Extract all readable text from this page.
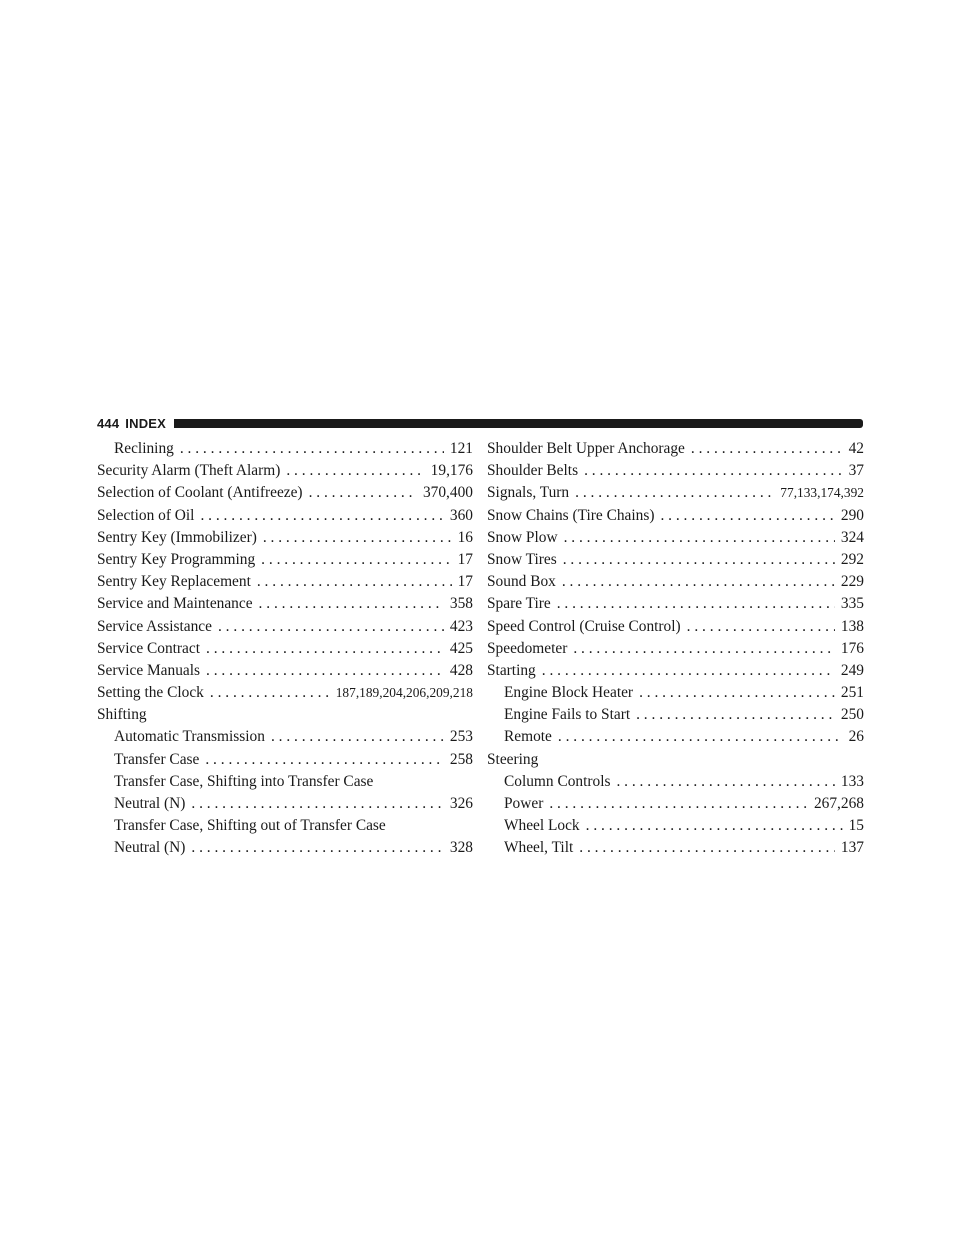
444 INDEX
Reclining . . .	121
Security Alarm (Theft Alarm) . . .	19,176
Selection of Coolant (Antifreeze) . . .	370,400
Selection of Oil . . .	360
Sentry Key (Immobilizer) . . .	16
Sentry Key Programming . . .	17
Sentry Key Replacement . . .	17
Service and Maintenance . . .	358
Service Assistance . . .	423
Service Contract . . .	425
Service Manuals . . .	428
Setting the Clock . . .	187,189,204,206,209,218
Shifting
Automatic Transmission . . .	253
Transfer Case . . .	258
Transfer Case, Shifting into Transfer Case
Neutral (N) . . .	326
Transfer Case, Shifting out of Transfer Case
Neutral (N) . . .	328
Shoulder Belt Upper Anchorage . . .	42
Shoulder Belts . . .	37
Signals, Turn . . .	77,133,174,392
Snow Chains (Tire Chains) . . .	290
Snow Plow . . .	324
Snow Tires . . .	292
Sound Box . . .	229
Spare Tire . . .	335
Speed Control (Cruise Control) . . .	138
Speedometer . . .	176
Starting . . .	249
Engine Block Heater . . .	251
Engine Fails to Start . . .	250
Remote . . .	26
Steering
Column Controls . . .	133
Power . . .	267,268
Wheel Lock . . .	15
Wheel, Tilt . . .	137
